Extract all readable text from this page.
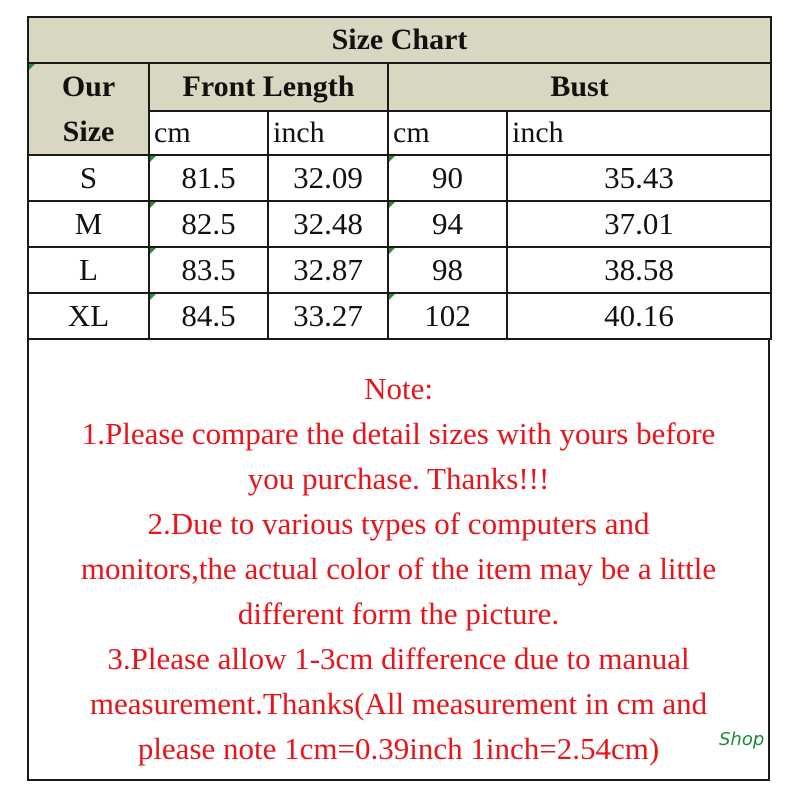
Size Chart				

Our
Size	Front Length		Bust	
	cm	inch	cm	inch
S	81.5	32.09	90	35.43
M	82.5	32.48	94	37.01
L	83.5	32.87	98	38.58
XL	84.5	33.27	102	40.16
Note:
1.Please compare the detail sizes with yours before
you purchase. Thanks!!!
2.Due to various types of computers and
monitors,the actual color of the item may be a little
different form the picture.
3.Please allow 1-3cm difference due to manual
measurement.Thanks(All measurement in cm and
please note 1cm=0.39inch 1inch=2.54cm)	Shop
